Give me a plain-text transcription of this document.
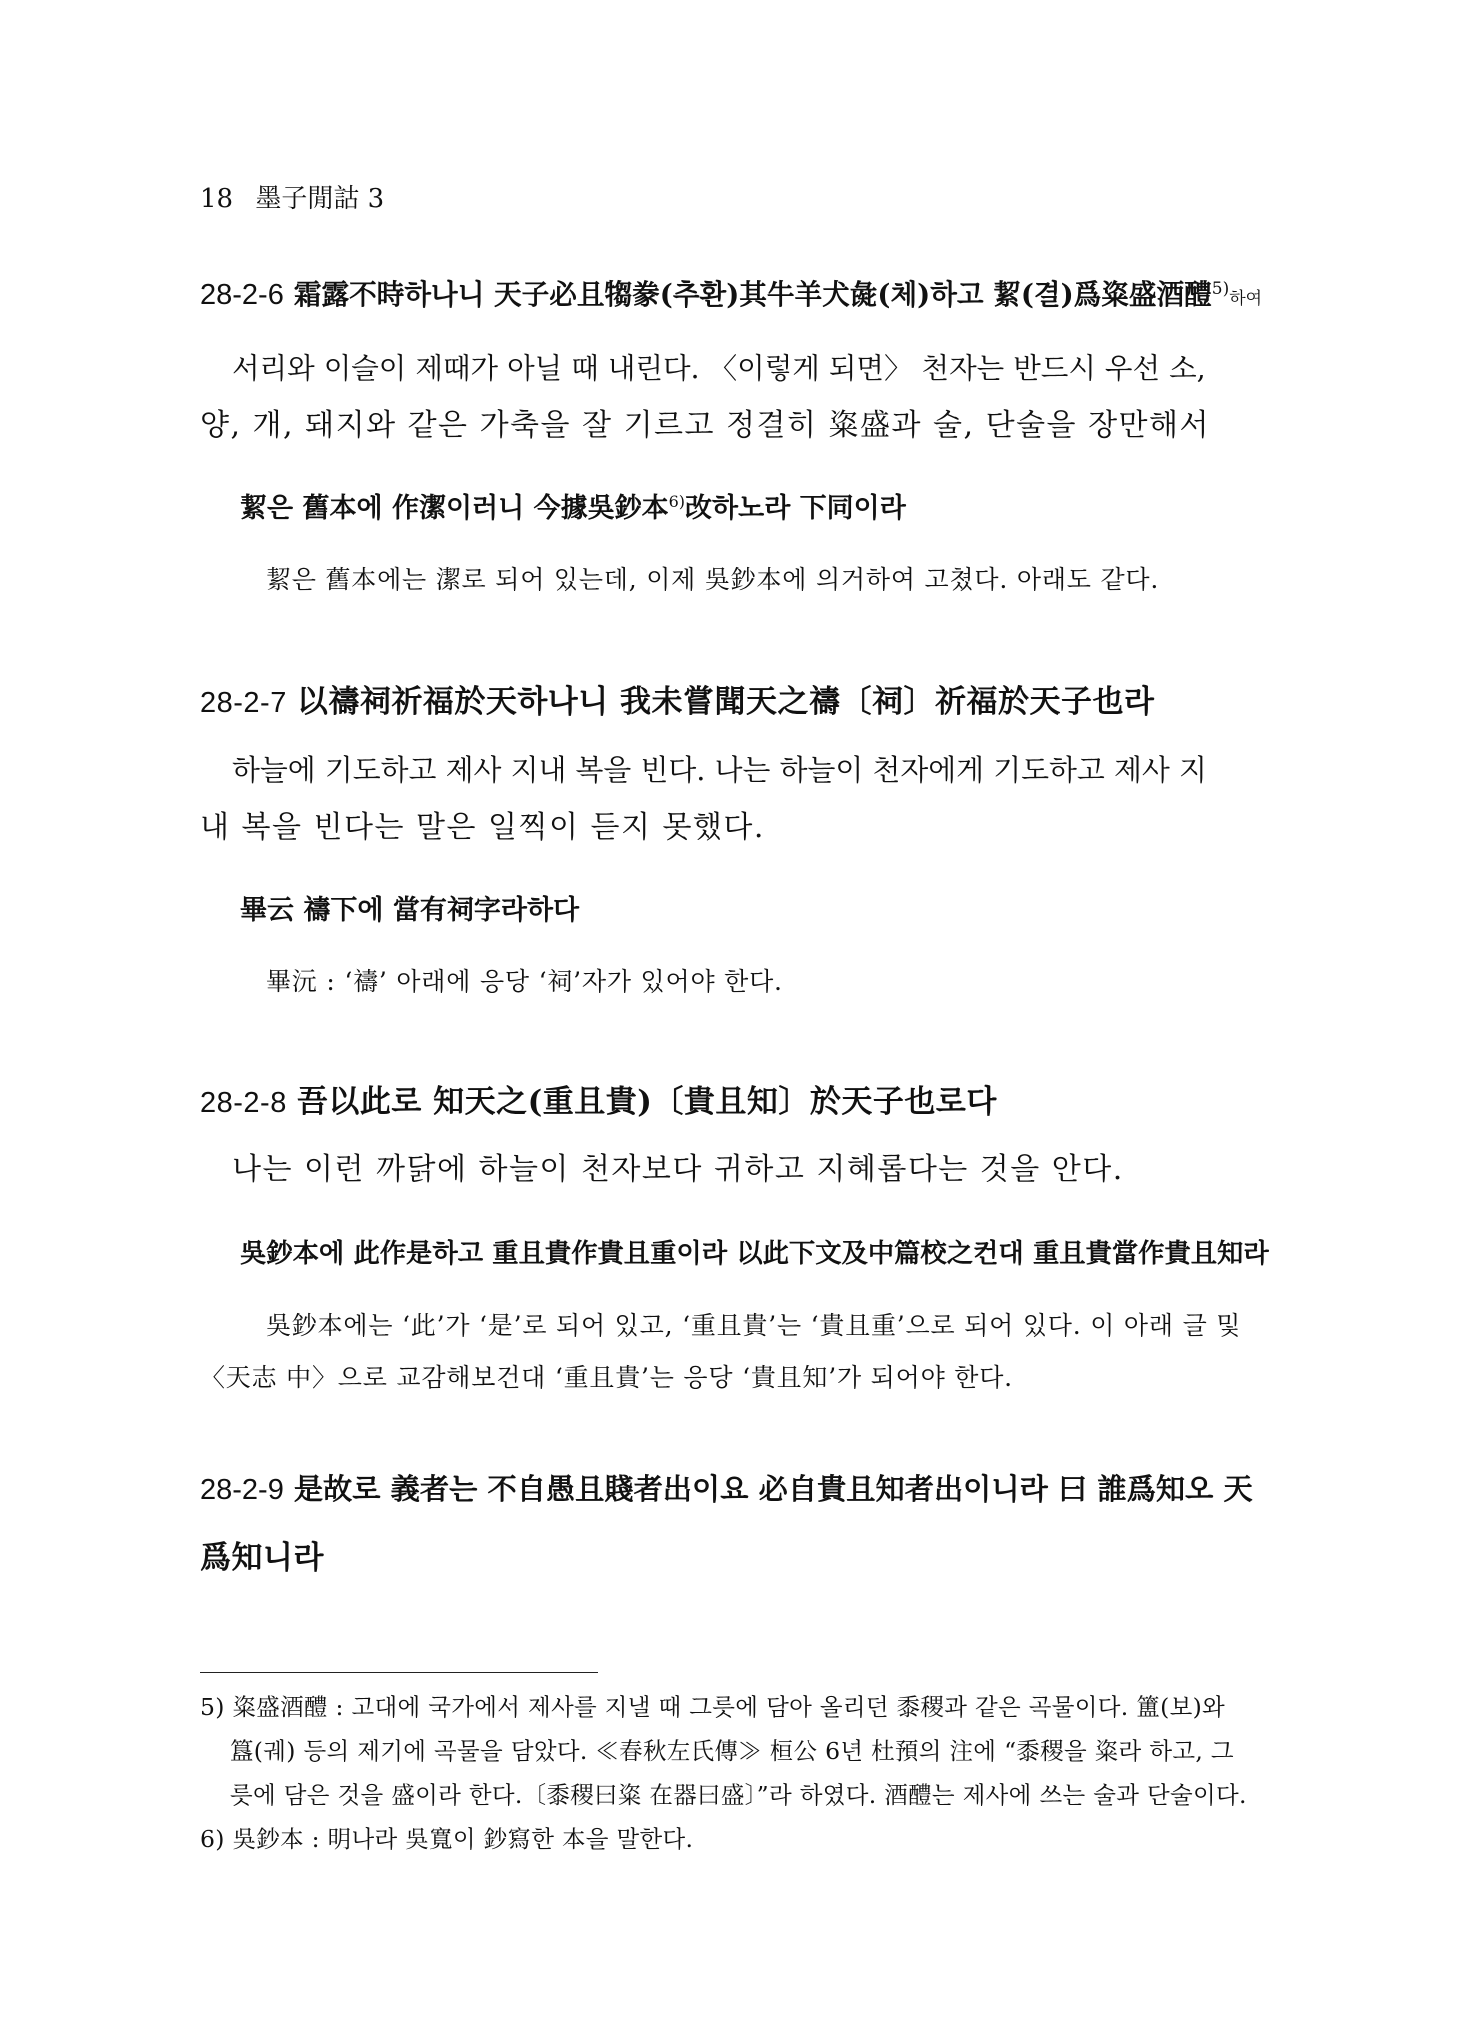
18 墨子閒詁 3
28-2-6 霜露不時하나니 天子必且犓豢(추환)其牛羊犬彘(체)하고 絜(결)爲粢盛酒醴$^{5)}$하여
서리와 이슬이 제때가 아닐 때 내린다. 〈이렇게 되면〉 천자는 반드시 우선 소,
양, 개, 돼지와 같은 가축을 잘 기르고 정결히 粢盛과 술, 단술을 장만해서
絜은 舊本에 作潔이러니 今據吳鈔本$^{6)}$改하노라 下同이라
絜은 舊本에는 潔로 되어 있는데, 이제 吳鈔本에 의거하여 고쳤다. 아래도 같다.
28-2-7 以禱祠祈福於天하나니 我未嘗聞天之禱〔祠〕祈福於天子也라
하늘에 기도하고 제사 지내 복을 빈다. 나는 하늘이 천자에게 기도하고 제사 지
내 복을 빈다는 말은 일찍이 듣지 못했다.
畢云 禱下에 當有祠字라하다
畢沅 : ‘禱’ 아래에 응당 ‘祠’자가 있어야 한다.
28-2-8 吾以此로 知天之(重且貴)〔貴且知〕於天子也로다
나는 이런 까닭에 하늘이 천자보다 귀하고 지혜롭다는 것을 안다.
吳鈔本에 此作是하고 重且貴作貴且重이라 以此下文及中篇校之컨대 重且貴當作貴且知라
吳鈔本에는 ‘此’가 ‘是’로 되어 있고, ‘重且貴’는 ‘貴且重’으로 되어 있다. 이 아래 글 및
〈天志 中〉으로 교감해보건대 ‘重且貴’는 응당 ‘貴且知’가 되어야 한다.
28-2-9 是故로 義者는 不自愚且賤者出이요 必自貴且知者出이니라 曰 誰爲知오 天
爲知니라
5) 粢盛酒醴 : 고대에 국가에서 제사를 지낼 때 그릇에 담아 올리던 黍稷과 같은 곡물이다. 簠(보)와
簋(궤) 등의 제기에 곡물을 담았다. ≪春秋左氏傳≫ 桓公 6년 杜預의 注에 “黍稷을 粢라 하고, 그
릇에 담은 것을 盛이라 한다.〔黍稷曰粢 在器曰盛〕”라 하였다. 酒醴는 제사에 쓰는 술과 단술이다.
6) 吳鈔本 : 明나라 吳寬이 鈔寫한 本을 말한다.
